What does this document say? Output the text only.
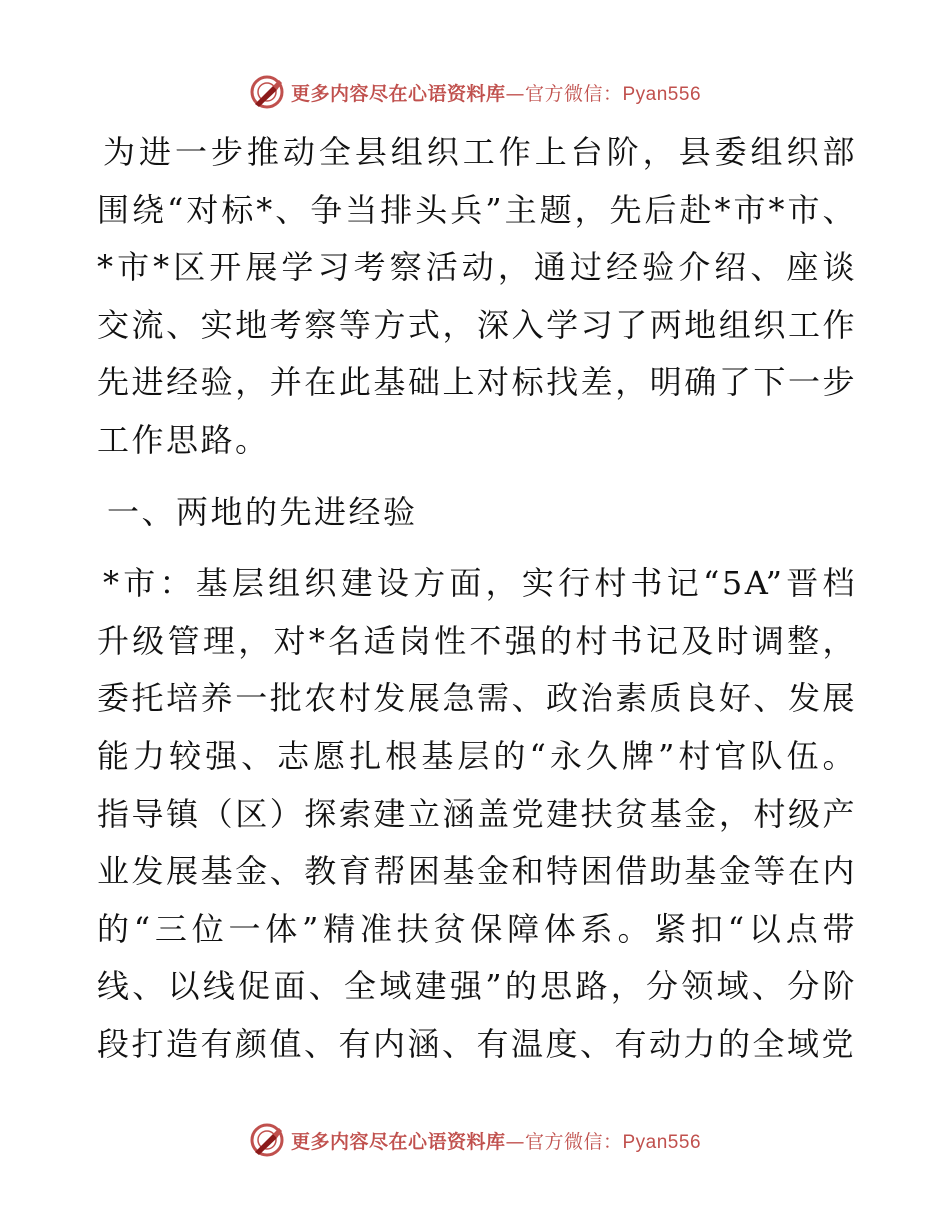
更多内容尽在心语资料库—官方微信：Pyan556

为进一步推动全县组织工作上台阶，县委组织部围绕“对标*、争当排头兵”主题，先后赴*市*市、*市*区开展学习考察活动，通过经验介绍、座谈交流、实地考察等方式，深入学习了两地组织工作先进经验，并在此基础上对标找差，明确了下一步工作思路。

一、两地的先进经验

*市：基层组织建设方面，实行村书记“5A”晋档升级管理，对*名适岗性不强的村书记及时调整，委托培养一批农村发展急需、政治素质良好、发展能力较强、志愿扎根基层的“永久牌”村官队伍。指导镇（区）探索建立涵盖党建扶贫基金，村级产业发展基金、教育帮困基金和特困借助基金等在内的“三位一体”精准扶贫保障体系。紧扣“以点带线、以线促面、全域建强”的思路，分领域、分阶段打造有颜值、有内涵、有温度、有动力的全域党

更多内容尽在心语资料库—官方微信：Pyan556
